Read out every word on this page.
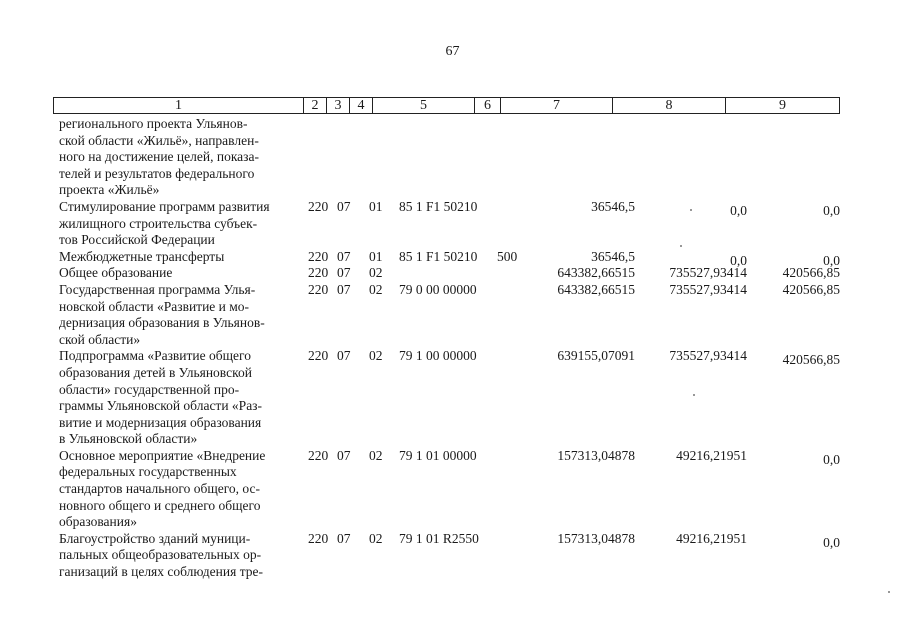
67
1	2	3	4	5	6	7	8	9
регионального проекта Ульянов-
ской области «Жильё», направлен-
ного на достижение целей, показа-
телей и результатов федерального
проекта «Жильё»
Стимулирование программ развития
жилищного строительства субъек-
тов Российской Федерации
220 07 01 85 1 F1 50210	36546,5	0,0	0,0
Межбюджетные трансферты	220 07 01 85 1 F1 50210 500	36546,5	0,0	0,0
Общее образование	220 07 02	643382,66515	735527,93414	420566,85
Государственная программа Улья-
новской области «Развитие и мо-
дернизация образования в Ульянов-
ской области»
220 07 02 79 0 00 00000	643382,66515	735527,93414	420566,85
Подпрограмма «Развитие общего
образования детей в Ульяновской
области» государственной про-
граммы Ульяновской области «Раз-
витие и модернизация образования
в Ульяновской области»
220 07 02 79 1 00 00000	639155,07091	735527,93414	420566,85
Основное мероприятие «Внедрение
федеральных государственных
стандартов начального общего, ос-
новного общего и среднего общего
образования»
220 07 02 79 1 01 00000	157313,04878	49216,21951	0,0
Благоустройство зданий муници-
пальных общеобразовательных ор-
ганизаций в целях соблюдения тре-
220 07 02 79 1 01 R2550	157313,04878	49216,21951	0,0
